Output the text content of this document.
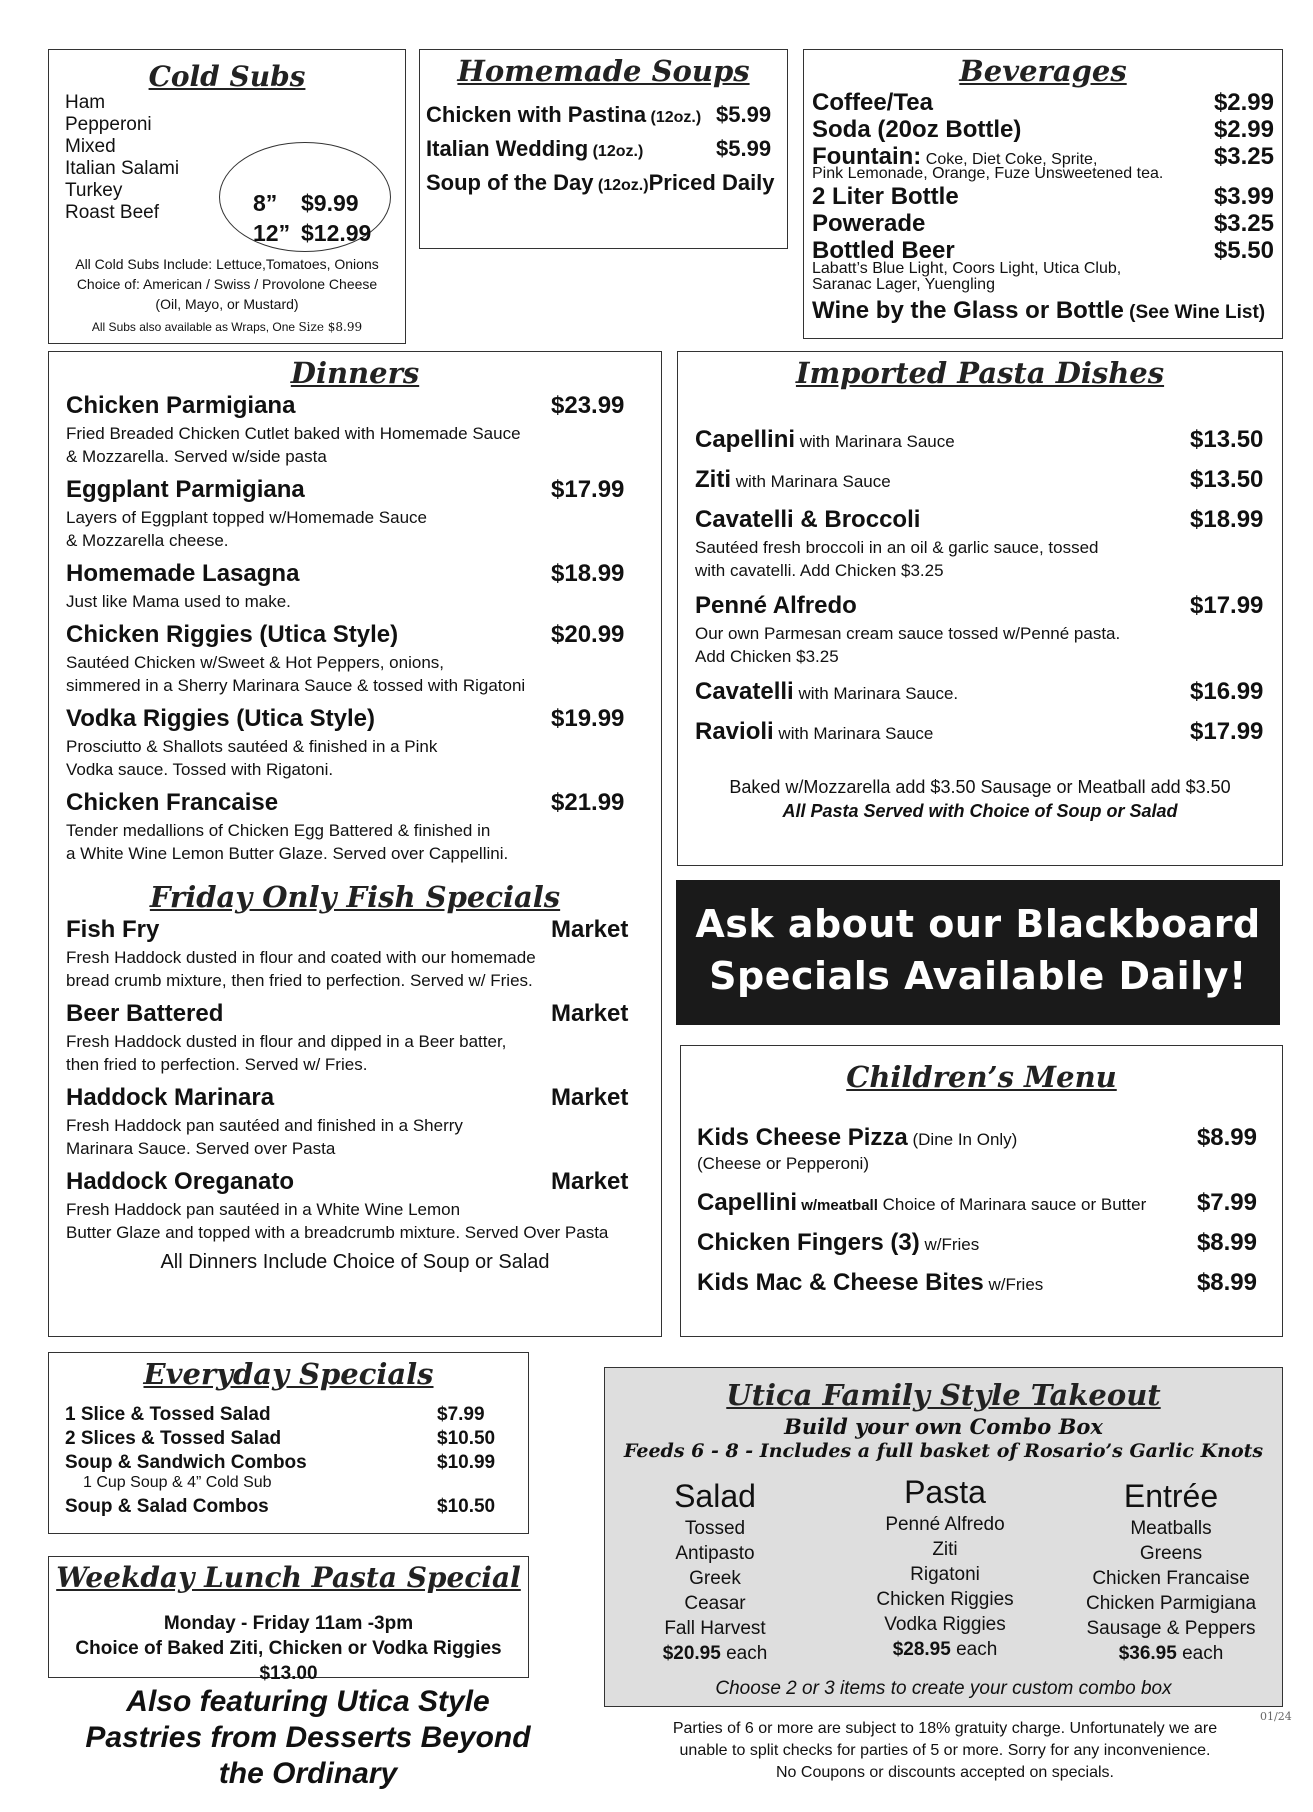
Cold Subs
Ham
Pepperoni
Mixed
Italian Salami
Turkey
Roast Beef	8” $9.99
12” $12.99
All Cold Subs Include: Lettuce,Tomatoes, Onions
Choice of: American / Swiss / Provolone Cheese
(Oil, Mayo, or Mustard)
All Subs also available as Wraps, One Size $8.99
Homemade Soups
Chicken with Pastina (12oz.) $5.99
Italian Wedding (12oz.)	$5.99
Soup of the Day (12oz.)Priced Daily
Beverages
Coffee/Tea	$2.99
Soda (20oz Bottle)	$2.99
Fountain: Coke, Diet Coke, Sprite,	$3.25
Pink Lemonade, Orange, Fuze Unsweetened tea.
2 Liter Bottle	$3.99
Powerade	$3.25
Bottled Beer	$5.50
Labatt’s Blue Light, Coors Light, Utica Club,
Saranac Lager, Yuengling
Wine by the Glass or Bottle (See Wine List)
Dinners
Chicken Parmigiana	$23.99
Fried Breaded Chicken Cutlet baked with Homemade Sauce
& Mozzarella. Served w/side pasta
Eggplant Parmigiana	$17.99
Layers of Eggplant topped w/Homemade Sauce
& Mozzarella cheese.
Homemade Lasagna	$18.99
Just like Mama used to make.
Chicken Riggies (Utica Style)	$20.99
Sautéed Chicken w/Sweet & Hot Peppers, onions,
simmered in a Sherry Marinara Sauce & tossed with Rigatoni
Vodka Riggies (Utica Style)	$19.99
Prosciutto & Shallots sautéed & finished in a Pink
Vodka sauce. Tossed with Rigatoni.
Chicken Francaise	$21.99
Tender medallions of Chicken Egg Battered & finished in
a White Wine Lemon Butter Glaze. Served over Cappellini.
Friday Only Fish Specials
Fish Fry	Market
Fresh Haddock dusted in flour and coated with our homemade
bread crumb mixture, then fried to perfection. Served w/ Fries.
Beer Battered	Market
Fresh Haddock dusted in flour and dipped in a Beer batter,
then fried to perfection. Served w/ Fries.
Haddock Marinara	Market
Fresh Haddock pan sautéed and finished in a Sherry
Marinara Sauce. Served over Pasta
Haddock Oreganato	Market
Fresh Haddock pan sautéed in a White Wine Lemon
Butter Glaze and topped with a breadcrumb mixture. Served Over Pasta
All Dinners Include Choice of Soup or Salad
Imported Pasta Dishes
Capellini with Marinara Sauce	$13.50
Ziti with Marinara Sauce	$13.50
Cavatelli & Broccoli	$18.99
Sautéed fresh broccoli in an oil & garlic sauce, tossed
with cavatelli. Add Chicken $3.25
Penné Alfredo	$17.99
Our own Parmesan cream sauce tossed w/Penné pasta.
Add Chicken $3.25
Cavatelli with Marinara Sauce.	$16.99
Ravioli with Marinara Sauce	$17.99
Baked w/Mozzarella add $3.50 Sausage or Meatball add $3.50
All Pasta Served with Choice of Soup or Salad
Ask about our Blackboard
Specials Available Daily!
Children’s Menu
Kids Cheese Pizza (Dine In Only)	$8.99
(Cheese or Pepperoni)
Capellini w/meatball Choice of Marinara sauce or Butter $7.99
Chicken Fingers (3) w/Fries	$8.99
Kids Mac & Cheese Bites w/Fries	$8.99
Everyday Specials
1 Slice & Tossed Salad	$7.99
2 Slices & Tossed Salad	$10.50
Soup & Sandwich Combos	$10.99
1 Cup Soup & 4” Cold Sub
Soup & Salad Combos	$10.50
Weekday Lunch Pasta Special
Monday - Friday 11am -3pm
Choice of Baked Ziti, Chicken or Vodka Riggies
$13.00
Also featuring Utica Style
Pastries from Desserts Beyond
the Ordinary
Utica Family Style Takeout
Build your own Combo Box
Feeds 6 - 8 - Includes a full basket of Rosario’s Garlic Knots
Salad
Tossed
Antipasto
Greek
Ceasar
Fall Harvest
$20.95 each
Pasta
Penné Alfredo
Ziti
Rigatoni
Chicken Riggies
Vodka Riggies
$28.95 each
Entrée
Meatballs
Greens
Chicken Francaise
Chicken Parmigiana
Sausage & Peppers
$36.95 each
Choose 2 or 3 items to create your custom combo box
01/24
Parties of 6 or more are subject to 18% gratuity charge. Unfortunately we are
unable to split checks for parties of 5 or more. Sorry for any inconvenience.
No Coupons or discounts accepted on specials.
